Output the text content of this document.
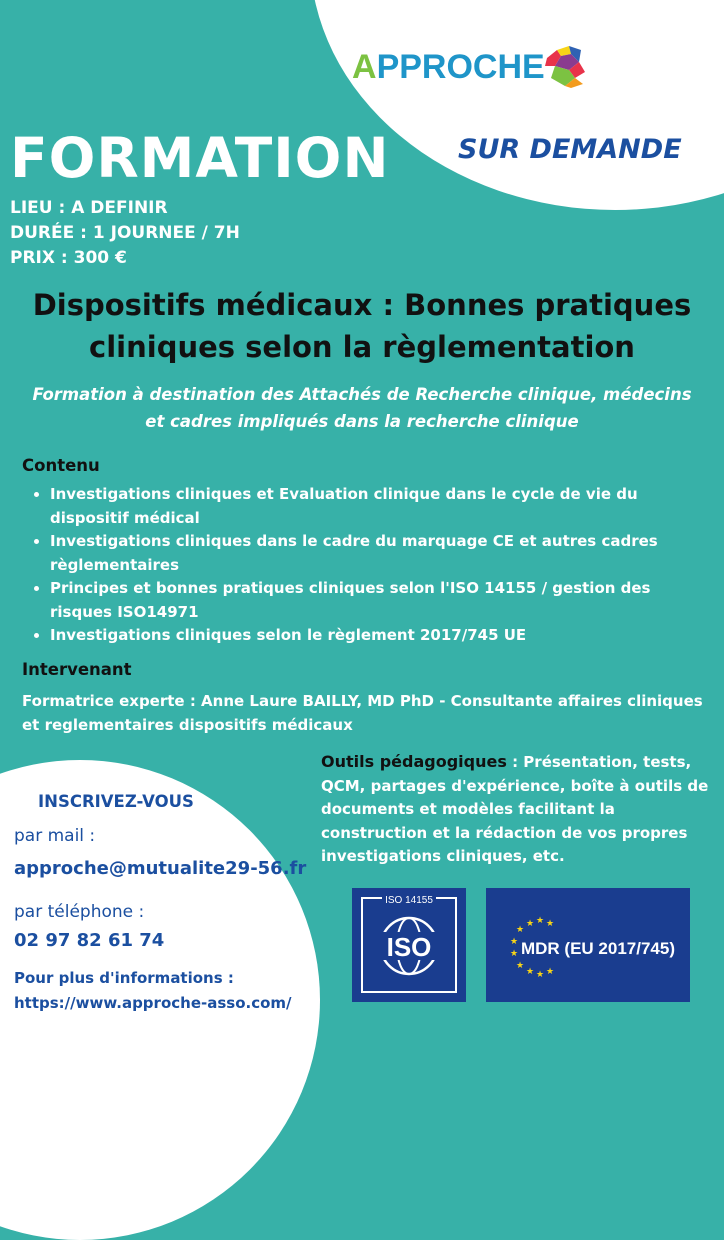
APPROCHE
SUR DEMANDE
FORMATION
LIEU : A DEFINIR
DURÉE : 1 JOURNEE / 7H
PRIX : 300 €
Dispositifs médicaux : Bonnes pratiques
cliniques selon la règlementation
Formation à destination des Attachés de Recherche clinique, médecins
et cadres impliqués dans la recherche clinique
Contenu
• Investigations cliniques et Evaluation clinique dans le cycle de vie du dispositif médical
• Investigations cliniques dans le cadre du marquage CE et autres cadres règlementaires
• Principes et bonnes pratiques cliniques selon l'ISO 14155 / gestion des risques ISO14971
• Investigations cliniques selon le règlement 2017/745 UE
Intervenant
Formatrice experte : Anne Laure BAILLY, MD PhD - Consultante affaires cliniques et reglementaires dispositifs médicaux
Outils pédagogiques : Présentation, tests, QCM, partages d'expérience, boîte à outils de documents et modèles facilitant la construction et la rédaction de vos propres investigations cliniques, etc.
INSCRIVEZ-VOUS
par mail :
approche@mutualite29-56.fr
par téléphone :
02 97 82 61 74
Pour plus d'informations :
https://www.approche-asso.com/
ISO 14155
ISO
★ ★
★
★
★
★
★ ★ ★
★
MDR (EU 2017/745)
